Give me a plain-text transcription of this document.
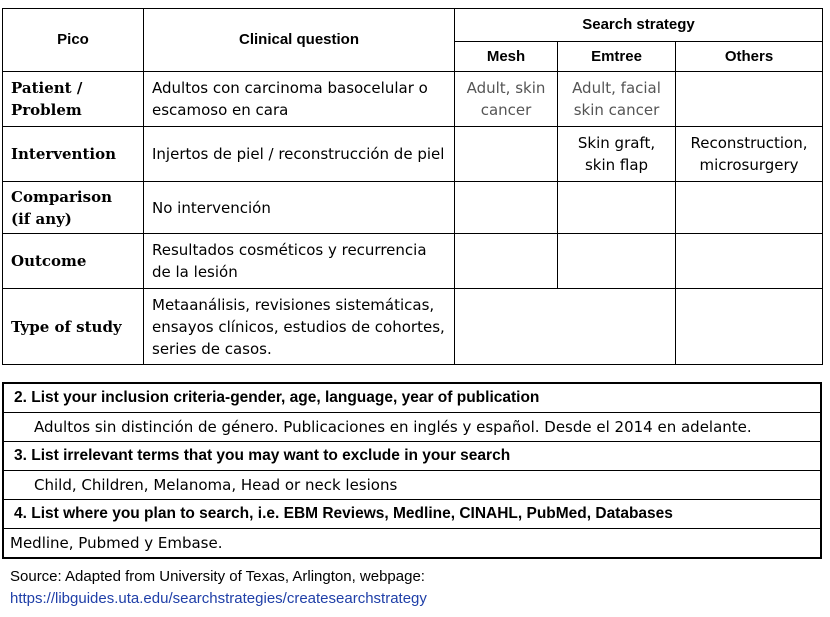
Pico	Clinical question	Search strategy		
		Mesh	Emtree	Others
Patient / Problem	Adultos con carcinoma basocelular o escamoso en cara	Adult, skin cancer	Adult, facial skin cancer	
Intervention	Injertos de piel / reconstrucción de piel		Skin graft, skin flap	Reconstruction, microsurgery
Comparison (if any)	No intervención			
Outcome	Resultados cosméticos y recurrencia de la lesión			
Type of study	Metaanálisis, revisiones sistemáticas, ensayos clínicos, estudios de cohortes, series de casos.			
2. List your inclusion criteria-gender, age, language, year of publication
Adultos sin distinción de género. Publicaciones en inglés y español. Desde el 2014 en adelante.
3. List irrelevant terms that you may want to exclude in your search
Child, Children, Melanoma, Head or neck lesions
4. List where you plan to search, i.e. EBM Reviews, Medline, CINAHL, PubMed, Databases
Medline, Pubmed y Embase.
Source: Adapted from University of Texas, Arlington, webpage:
https://libguides.uta.edu/searchstrategies/createsearchstrategy
